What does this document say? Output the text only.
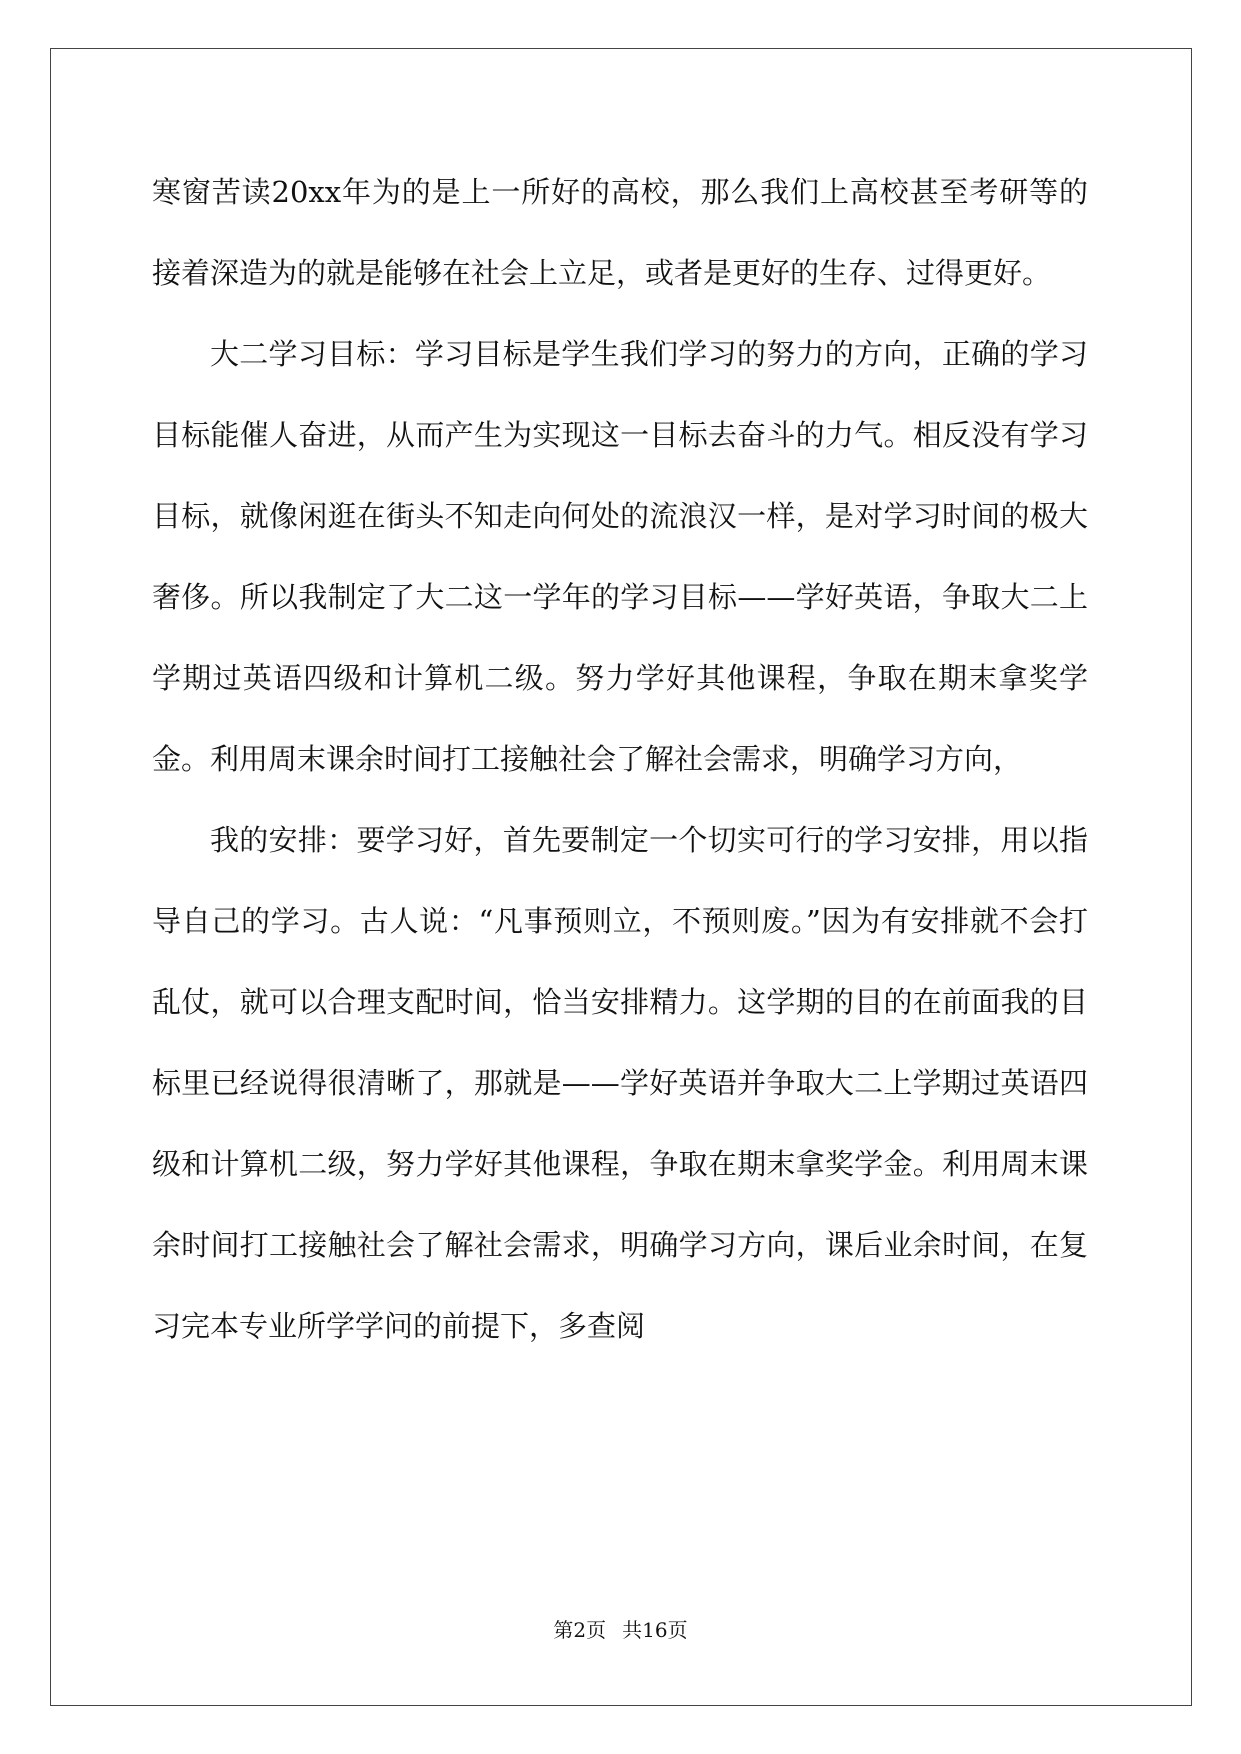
寒窗苦读20xx年为的是上一所好的高校，那么我们上高校甚至考研等的接着深造为的就是能够在社会上立足，或者是更好的生存、过得更好。

大二学习目标：学习目标是学生我们学习的努力的方向，正确的学习目标能催人奋进，从而产生为实现这一目标去奋斗的力气。相反没有学习目标，就像闲逛在街头不知走向何处的流浪汉一样，是对学习时间的极大奢侈。所以我制定了大二这一学年的学习目标——学好英语，争取大二上学期过英语四级和计算机二级。努力学好其他课程，争取在期末拿奖学金。利用周末课余时间打工接触社会了解社会需求，明确学习方向，

我的安排：要学习好，首先要制定一个切实可行的学习安排，用以指导自己的学习。古人说：“凡事预则立，不预则废。”因为有安排就不会打乱仗，就可以合理支配时间，恰当安排精力。这学期的目的在前面我的目标里已经说得很清晰了，那就是——学好英语并争取大二上学期过英语四级和计算机二级，努力学好其他课程，争取在期末拿奖学金。利用周末课余时间打工接触社会了解社会需求，明确学习方向，课后业余时间，在复习完本专业所学学问的前提下，多查阅

第2页 共16页
